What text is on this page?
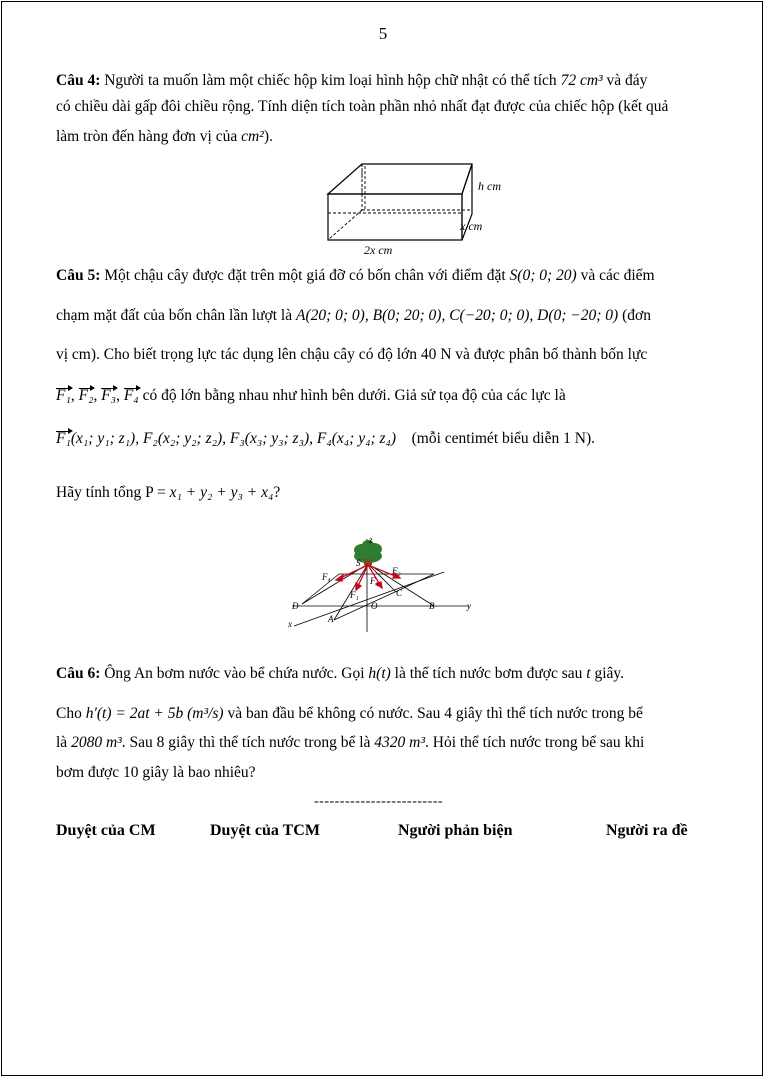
5
Câu 4: Người ta muốn làm một chiếc hộp kim loại hình hộp chữ nhật có thể tích 72 cm³ và đáy
có chiều dài gấp đôi chiều rộng. Tính diện tích toàn phần nhỏ nhất đạt được của chiếc hộp (kết quả
làm tròn đến hàng đơn vị của cm²).
h cm
x cm
2x cm
Câu 5: Một chậu cây được đặt trên một giá đỡ có bốn chân với điểm đặt S(0; 0; 20) và các điểm
chạm mặt đất của bốn chân lần lượt là A(20; 0; 0), B(0; 20; 0), C(−20; 0; 0), D(0; −20; 0) (đơn
vị cm). Cho biết trọng lực tác dụng lên chậu cây có độ lớn 40 N và được phân bố thành bốn lực
F₁, F₂, F₃, F₄ có độ lớn bằng nhau như hình bên dưới. Giả sử tọa độ của các lực là
F₁(x₁; y₁; z₁), F₂(x₂; y₂; z₂), F₃(x₃; y₃; z₃), F₄(x₄; y₄; z₄) (mỗi centimét biểu diễn 1 N).
Hãy tính tổng P = x₁ + y₂ + y₃ + x₄?
z
S
F₄
F₂
F₃
F₁
D	O
C
B	y
A
x
Câu 6: Ông An bơm nước vào bể chứa nước. Gọi h(t) là thể tích nước bơm được sau t giây.
Cho h′(t) = 2at + 5b (m³/s) và ban đầu bể không có nước. Sau 4 giây thì thể tích nước trong bể
là 2080 m³. Sau 8 giây thì thể tích nước trong bể là 4320 m³. Hỏi thể tích nước trong bể sau khi
bơm được 10 giây là bao nhiêu?
-------------------------
Duyệt của CM	Duyệt của TCM	Người phản biện	Người ra đề
